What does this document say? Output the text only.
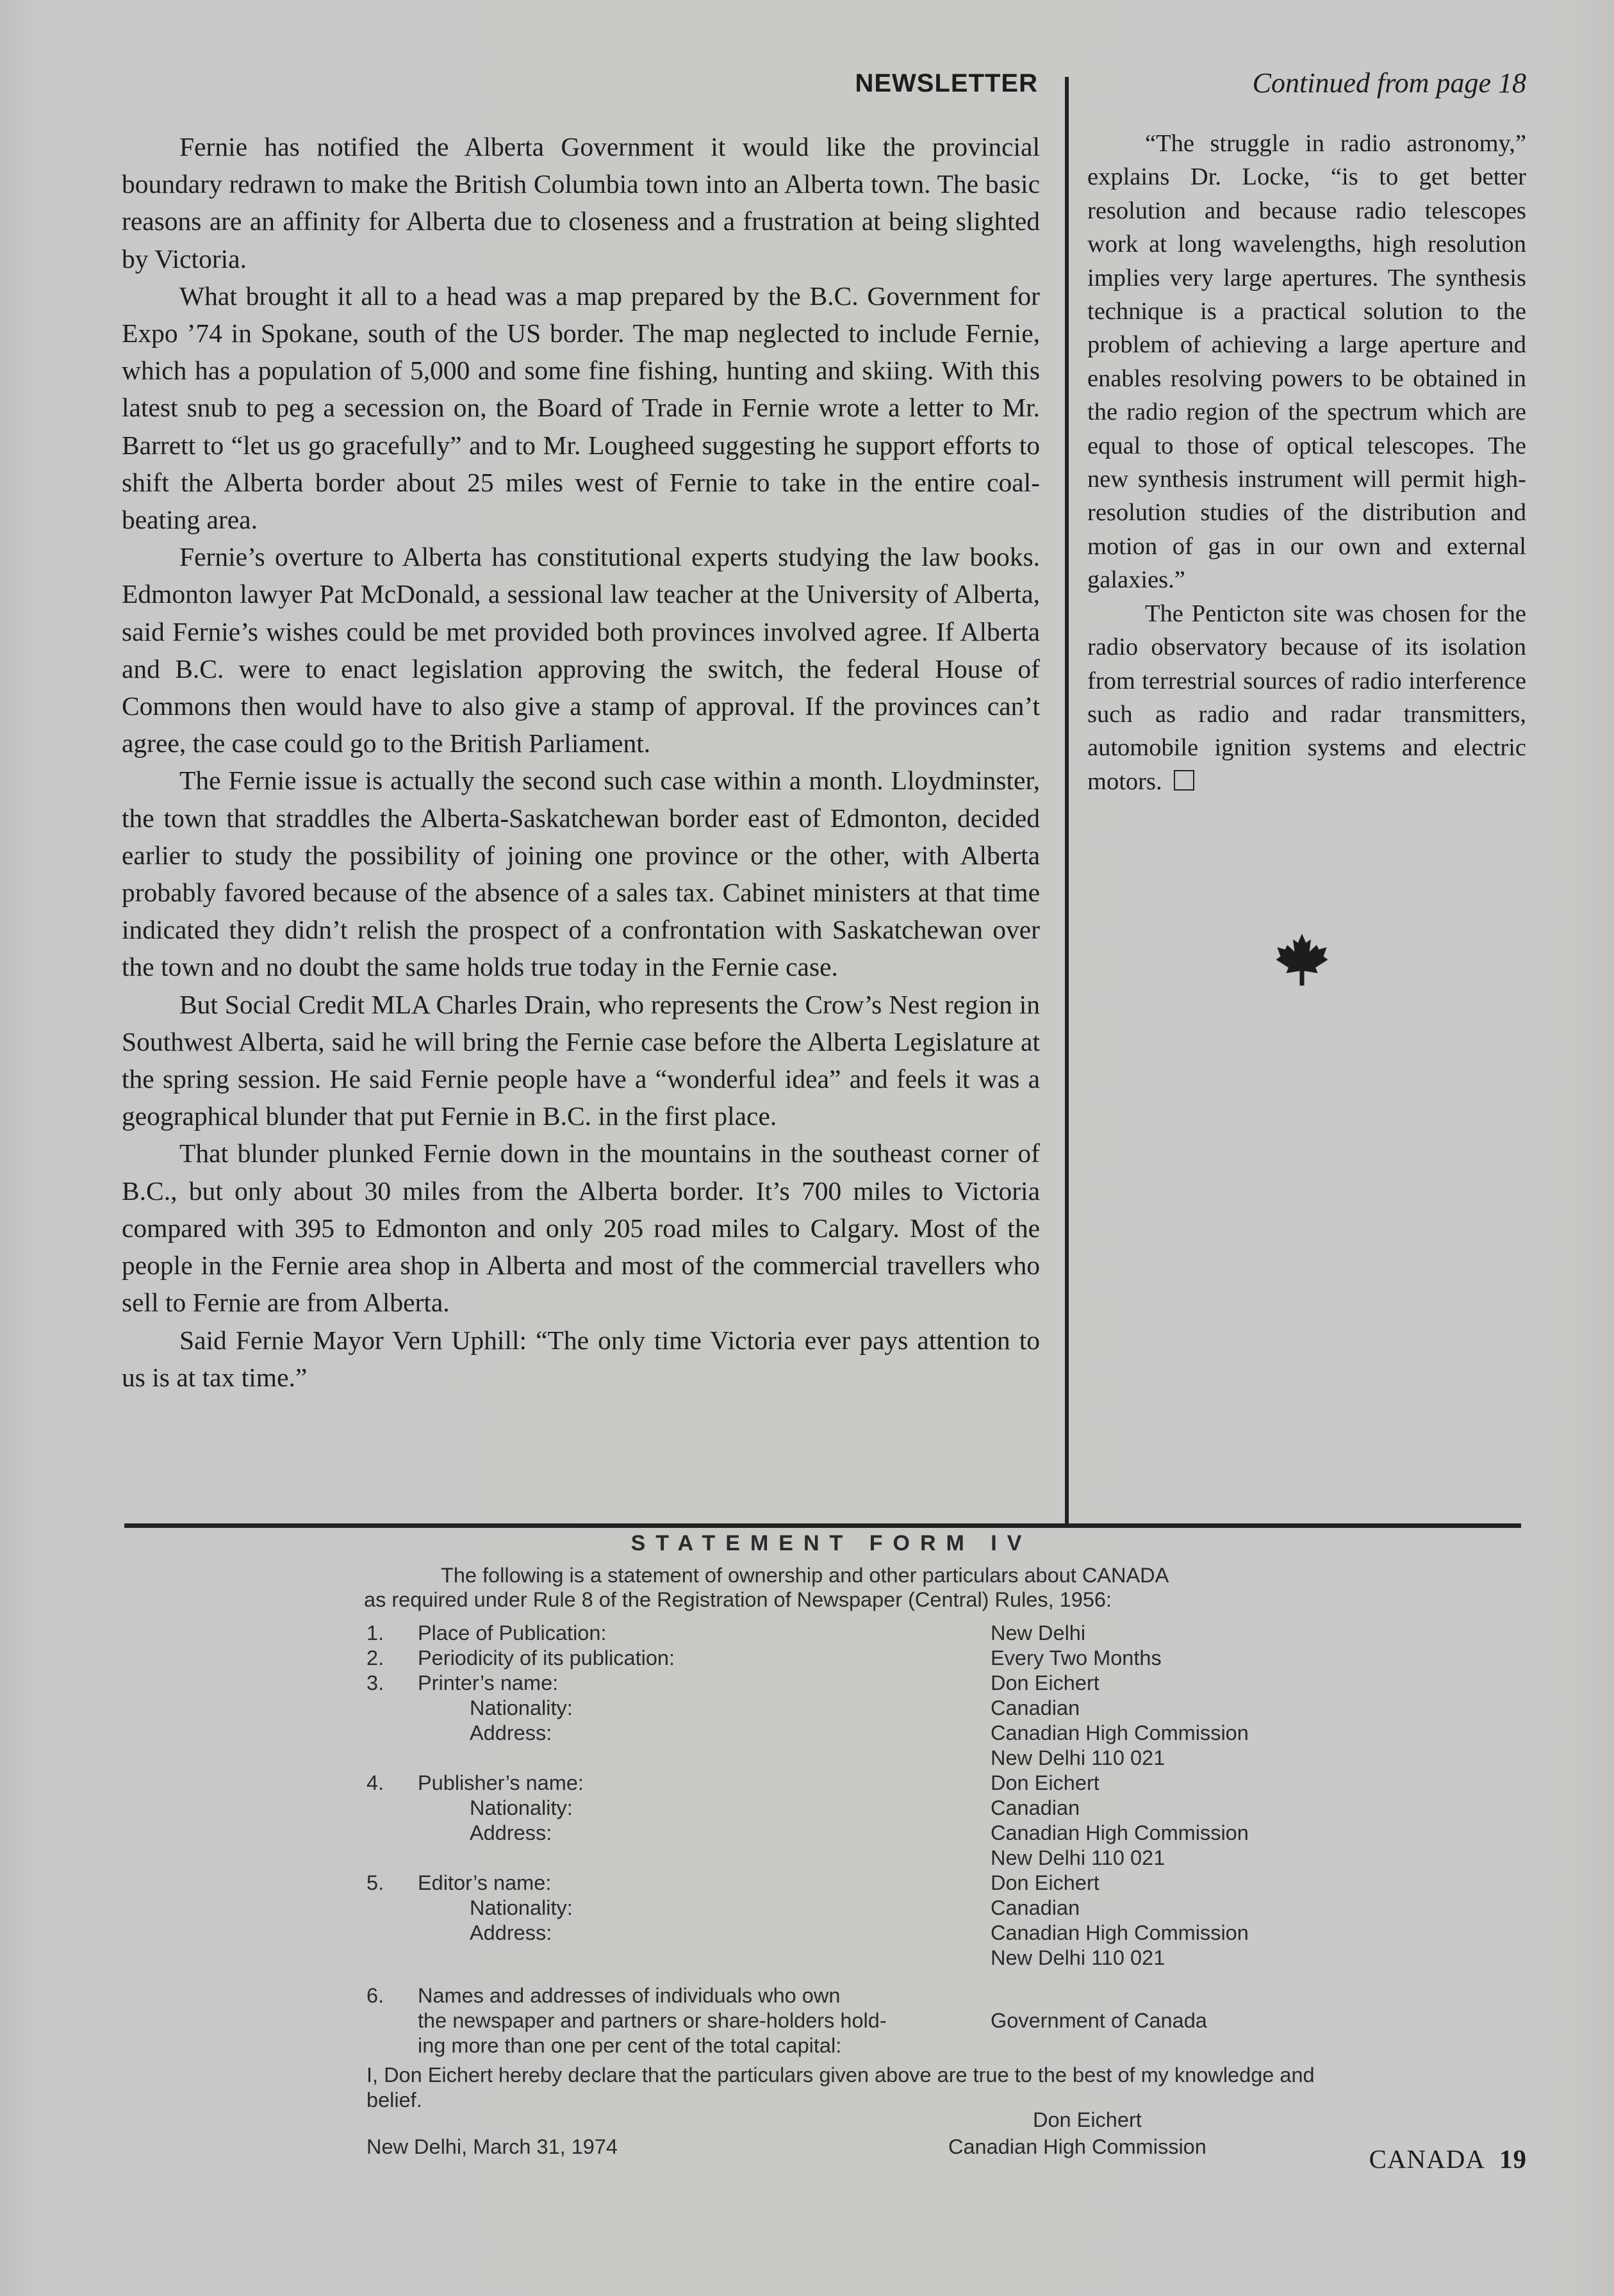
NEWSLETTER	Continued from page 18

Fernie has notified the Alberta Government it would like the provincial boundary redrawn to make the British Columbia town into an Alberta town. The basic reasons are an affinity for Alberta due to closeness and a frustration at being slighted by Victoria.

What brought it all to a head was a map prepared by the B.C. Government for Expo ’74 in Spokane, south of the US border. The map neglected to include Fernie, which has a population of 5,000 and some fine fishing, hunting and skiing. With this latest snub to peg a secession on, the Board of Trade in Fernie wrote a letter to Mr. Barrett to “let us go gracefully” and to Mr. Lougheed suggesting he support efforts to shift the Alberta border about 25 miles west of Fernie to take in the entire coal-beating area.

Fernie’s overture to Alberta has constitutional experts studying the law books. Edmonton lawyer Pat McDonald, a sessional law teacher at the University of Alberta, said Fernie’s wishes could be met provided both provinces involved agree. If Alberta and B.C. were to enact legislation approving the switch, the federal House of Commons then would have to also give a stamp of approval. If the provinces can’t agree, the case could go to the British Parliament.

The Fernie issue is actually the second such case within a month. Lloydminster, the town that straddles the Alberta-Saskatchewan border east of Edmonton, decided earlier to study the possibility of joining one province or the other, with Alberta probably favored because of the absence of a sales tax. Cabinet ministers at that time indicated they didn’t relish the prospect of a confrontation with Saskatchewan over the town and no doubt the same holds true today in the Fernie case.

But Social Credit MLA Charles Drain, who represents the Crow’s Nest region in Southwest Alberta, said he will bring the Fernie case before the Alberta Legislature at the spring session. He said Fernie people have a “wonderful idea” and feels it was a geographical blunder that put Fernie in B.C. in the first place.

That blunder plunked Fernie down in the mountains in the southeast corner of B.C., but only about 30 miles from the Alberta border. It’s 700 miles to Victoria compared with 395 to Edmonton and only 205 road miles to Calgary. Most of the people in the Fernie area shop in Alberta and most of the commercial travellers who sell to Fernie are from Alberta.

Said Fernie Mayor Vern Uphill: “The only time Victoria ever pays attention to us is at tax time.”

“The struggle in radio astronomy,” explains Dr. Locke, “is to get better resolution and because radio telescopes work at long wavelengths, high resolution implies very large apertures. The synthesis technique is a practical solution to the problem of achieving a large aperture and enables resolving powers to be obtained in the radio region of the spectrum which are equal to those of optical telescopes. The new synthesis instrument will permit high-resolution studies of the distribution and motion of gas in our own and external galaxies.”

The Penticton site was chosen for the radio observatory because of its isolation from terrestrial sources of radio interference such as radio and radar transmitters, automobile ignition systems and electric motors.

STATEMENT FORM IV
The following is a statement of ownership and other particulars about CANADA
as required under Rule 8 of the Registration of Newspaper (Central) Rules, 1956:
1. Place of Publication:	New Delhi
2. Periodicity of its publication:	Every Two Months
3. Printer’s name:	Don Eichert
Nationality:	Canadian
Address:	Canadian High Commission
New Delhi 110 021
4. Publisher’s name:	Don Eichert
Nationality:	Canadian
Address:	Canadian High Commission
New Delhi 110 021
5. Editor’s name:	Don Eichert
Nationality:	Canadian
Address:	Canadian High Commission
New Delhi 110 021
6. Names and addresses of individuals who own
the newspaper and partners or share-holders hold-	Government of Canada
ing more than one per cent of the total capital:
I, Don Eichert hereby declare that the particulars given above are true to the best of my knowledge and belief.
Don Eichert
New Delhi, March 31, 1974	Canadian High Commission	CANADA 19
